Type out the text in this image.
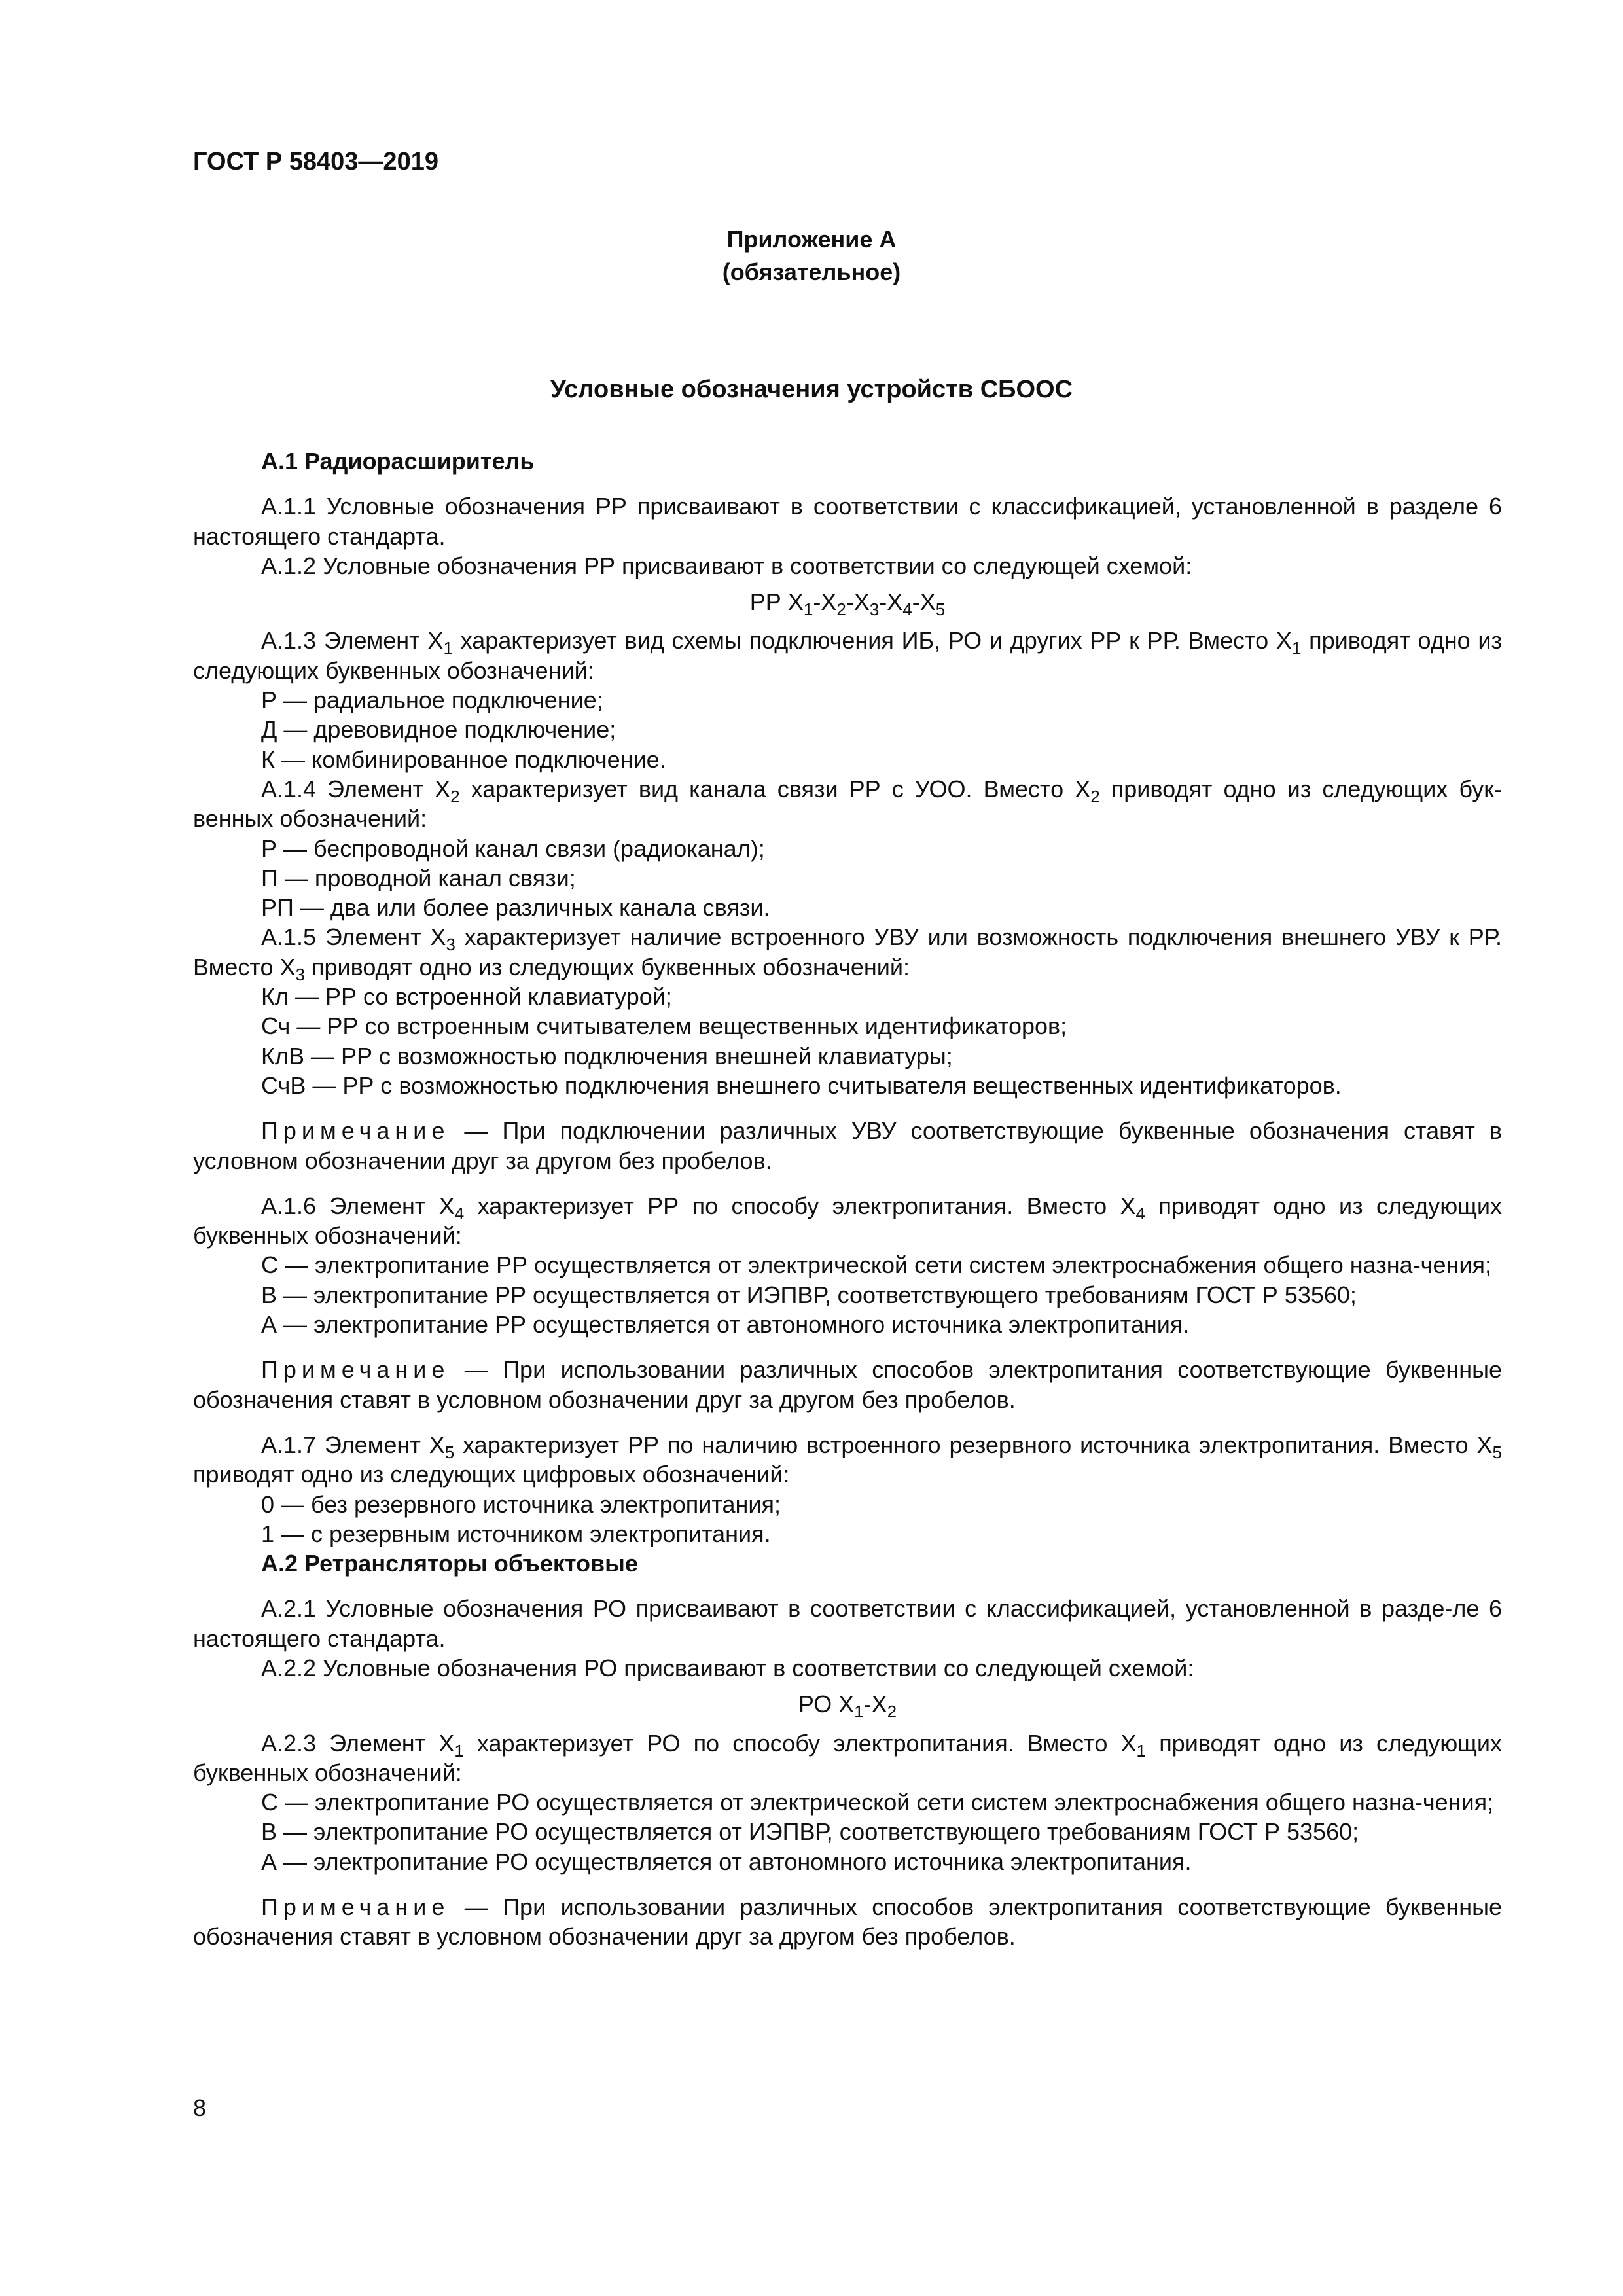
ГОСТ Р 58403—2019
Приложение А
(обязательное)
Условные обозначения устройств СБООС

А.1 Радиорасширитель

А.1.1 Условные обозначения РР присваивают в соответствии с классификацией, установленной в разделе 6 настоящего стандарта.

А.1.2 Условные обозначения РР присваивают в соответствии со следующей схемой:

РР $X_1-X_2-X_3-X_4-X_5$

А.1.3 Элемент $X_1$ характеризует вид схемы подключения ИБ, РО и других РР к РР. Вместо $X_1$ приводят одно из следующих буквенных обозначений:

Р — радиальное подключение;

Д — древовидное подключение;

К — комбинированное подключение.

А.1.4 Элемент $X_2$ характеризует вид канала связи РР с УОО. Вместо $X_2$ приводят одно из следующих бук-венных обозначений:

Р — беспроводной канал связи (радиоканал);

П — проводной канал связи;

РП — два или более различных канала связи.

А.1.5 Элемент $X_3$ характеризует наличие встроенного УВУ или возможность подключения внешнего УВУ к РР. Вместо $X_3$ приводят одно из следующих буквенных обозначений:

Кл — РР со встроенной клавиатурой;

Сч — РР со встроенным считывателем вещественных идентификаторов;

КлВ — РР с возможностью подключения внешней клавиатуры;

СчВ — РР с возможностью подключения внешнего считывателя вещественных идентификаторов.

Примечание — При подключении различных УВУ соответствующие буквенные обозначения ставят в условном обозначении друг за другом без пробелов.

А.1.6 Элемент $X_4$ характеризует РР по способу электропитания. Вместо $X_4$ приводят одно из следующих буквенных обозначений:

С — электропитание РР осуществляется от электрической сети систем электроснабжения общего назна-чения;

В — электропитание РР осуществляется от ИЭПВР, соответствующего требованиям ГОСТ Р 53560;

А — электропитание РР осуществляется от автономного источника электропитания.

Примечание — При использовании различных способов электропитания соответствующие буквенные обозначения ставят в условном обозначении друг за другом без пробелов.

А.1.7 Элемент $X_5$ характеризует РР по наличию встроенного резервного источника электропитания. Вместо $X_5$ приводят одно из следующих цифровых обозначений:

0 — без резервного источника электропитания;

1 — с резервным источником электропитания.

А.2 Ретрансляторы объектовые

А.2.1 Условные обозначения РО присваивают в соответствии с классификацией, установленной в разде-ле 6 настоящего стандарта.

А.2.2 Условные обозначения РО присваивают в соответствии со следующей схемой:

РО $X_1-X_2$

А.2.3 Элемент $X_1$ характеризует РО по способу электропитания. Вместо $X_1$ приводят одно из следующих буквенных обозначений:

С — электропитание РО осуществляется от электрической сети систем электроснабжения общего назна-чения;

В — электропитание РО осуществляется от ИЭПВР, соответствующего требованиям ГОСТ Р 53560;

А — электропитание РО осуществляется от автономного источника электропитания.

Примечание — При использовании различных способов электропитания соответствующие буквенные обозначения ставят в условном обозначении друг за другом без пробелов.

8
